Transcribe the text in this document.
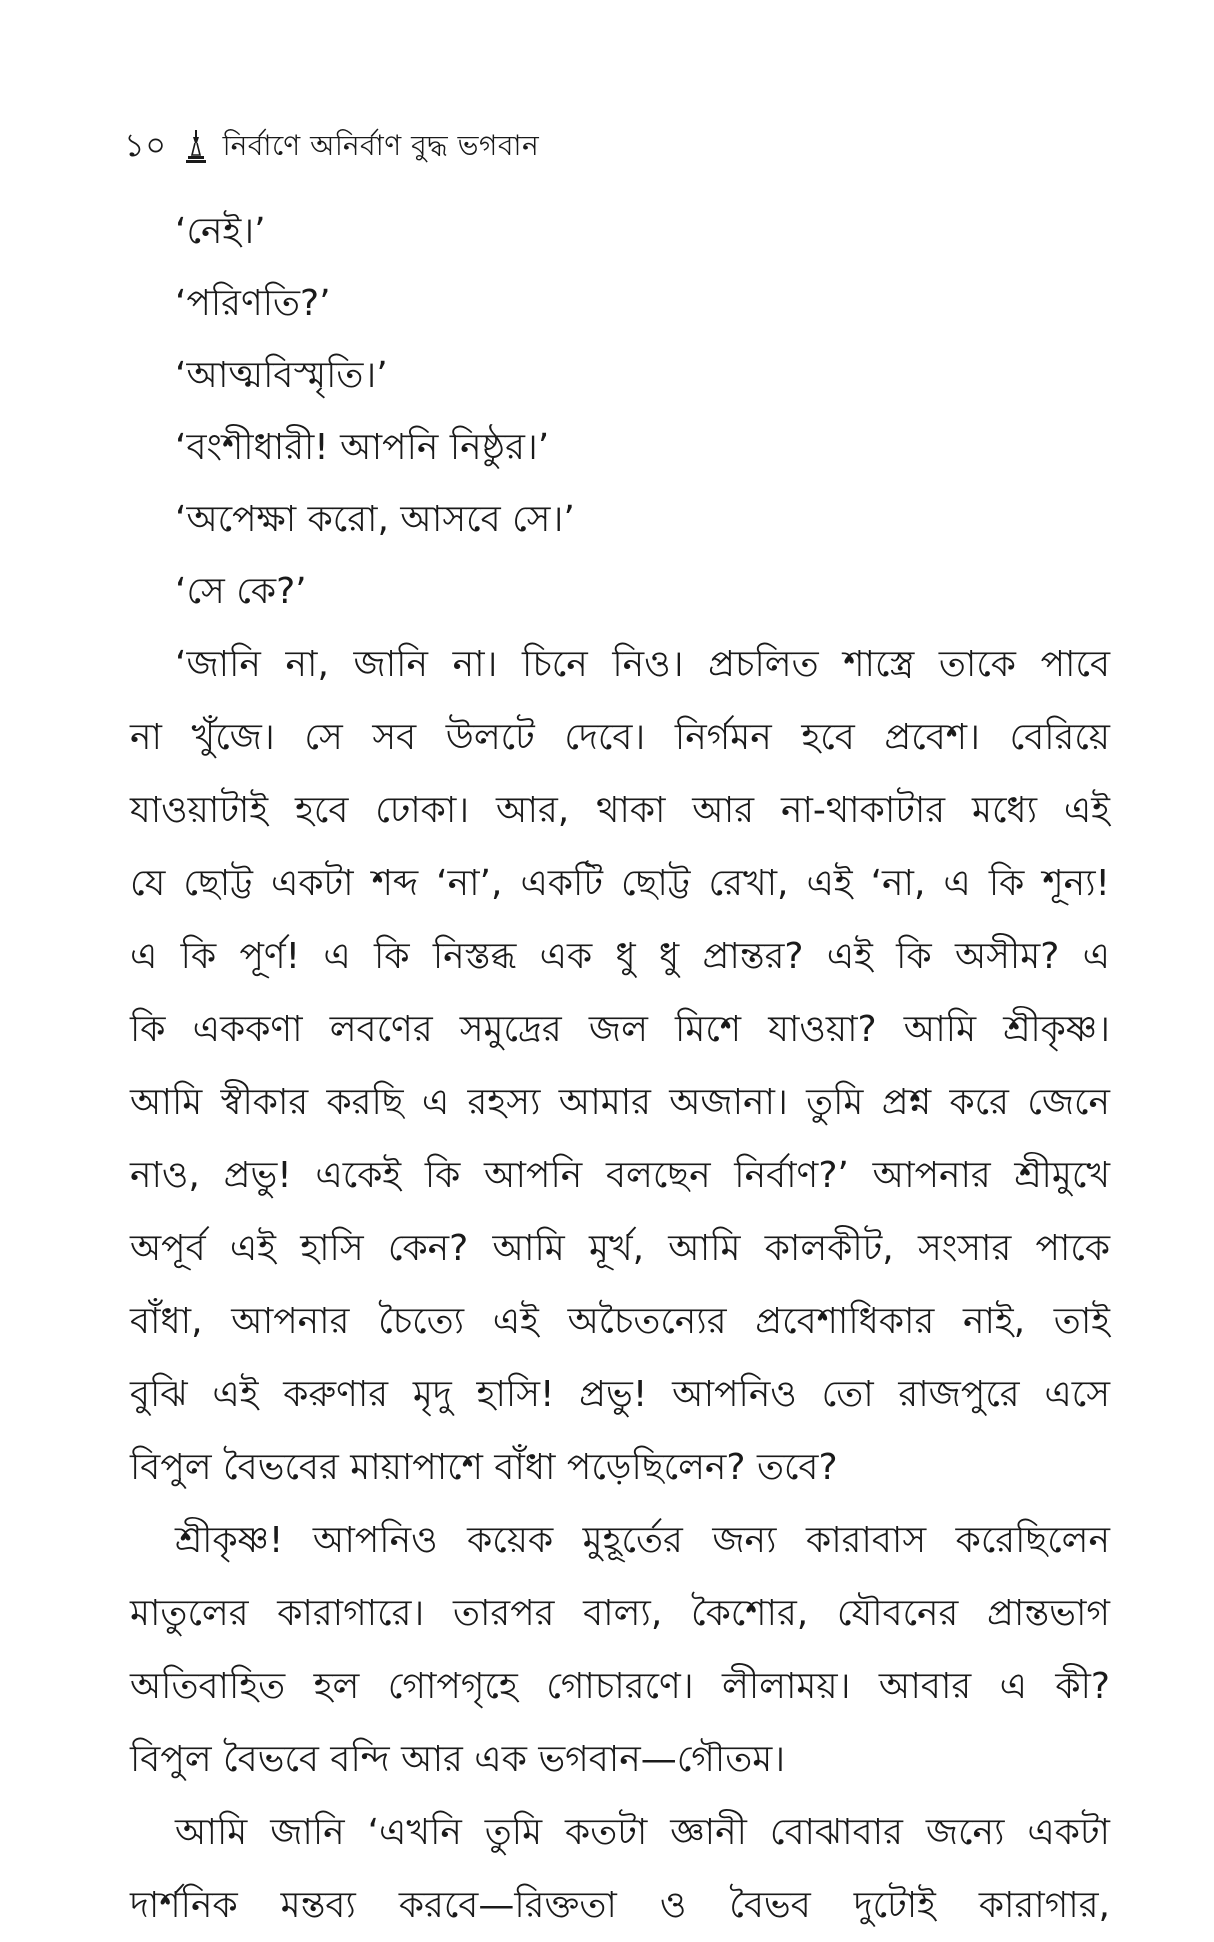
১০ নির্বাণে অনির্বাণ বুদ্ধ ভগবান

‘নেই।’

‘পরিণতি?’

‘আত্মবিস্মৃতি।’

‘বংশীধারী! আপনি নিষ্ঠুর।’

‘অপেক্ষা করো, আসবে সে।’

‘সে কে?’

‘জানি না, জানি না। চিনে নিও। প্রচলিত শাস্ত্রে তাকে পাবে
না খুঁজে। সে সব উলটে দেবে। নির্গমন হবে প্রবেশ। বেরিয়ে
যাওয়াটাই হবে ঢোকা। আর, থাকা আর না-থাকাটার মধ্যে এই
যে ছোট্ট একটা শব্দ ‘না’, একটি ছোট্ট রেখা, এই ‘না, এ কি শূন্য!
এ কি পূর্ণ! এ কি নিস্তব্ধ এক ধু ধু প্রান্তর? এই কি অসীম? এ
কি এককণা লবণের সমুদ্রের জল মিশে যাওয়া? আমি শ্রীকৃষ্ণ।
আমি স্বীকার করছি এ রহস্য আমার অজানা। তুমি প্রশ্ন করে জেনে
নাও, প্রভু! একেই কি আপনি বলছেন নির্বাণ?’ আপনার শ্রীমুখে
অপূর্ব এই হাসি কেন? আমি মূর্খ, আমি কালকীট, সংসার পাকে
বাঁধা, আপনার চৈত্যে এই অচৈতন্যের প্রবেশাধিকার নাই, তাই
বুঝি এই করুণার মৃদু হাসি! প্রভু! আপনিও তো রাজপুরে এসে
বিপুল বৈভবের মায়াপাশে বাঁধা পড়েছিলেন? তবে?
শ্রীকৃষ্ণ! আপনিও কয়েক মুহূর্তের জন্য কারাবাস করেছিলেন
মাতুলের কারাগারে। তারপর বাল্য, কৈশোর, যৌবনের প্রান্তভাগ
অতিবাহিত হল গোপগৃহে গোচারণে। লীলাময়। আবার এ কী?
বিপুল বৈভবে বন্দি আর এক ভগবান—গৌতম।
আমি জানি ‘এখনি তুমি কতটা জ্ঞানী বোঝাবার জন্যে একটা
দার্শনিক মন্তব্য করবে—রিক্ততা ও বৈভব দুটোই কারাগার,
